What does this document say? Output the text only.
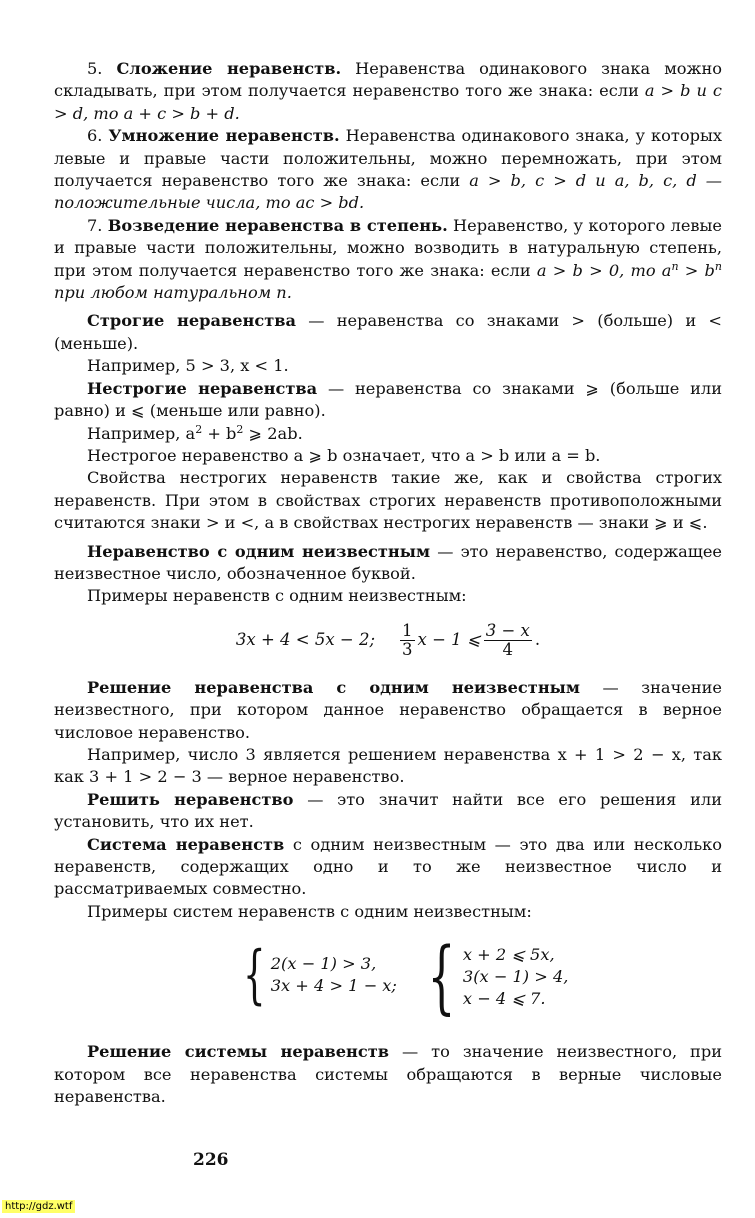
5. Сложение неравенств. Неравенства одинакового знака можно складывать, при этом получается неравенство того же знака: если a > b и c > d, то a + c > b + d.

6. Умножение неравенств. Неравенства одинакового знака, у которых левые и правые части положительны, можно перемножать, при этом получается неравенство того же знака: если a > b, c > d и a, b, c, d — положительные числа, то ac > bd.

7. Возведение неравенства в степень. Неравенство, у которого левые и правые части положительны, можно возводить в натуральную степень, при этом получается неравенство того же знака: если a > b > 0, то $a^n > b^n$ при любом натуральном n.

Строгие неравенства — неравенства со знаками > (больше) и < (меньше).

Например, 5 > 3, x < 1.

Нестрогие неравенства — неравенства со знаками ⩾ (больше или равно) и ⩽ (меньше или равно).

Например, $a^2 + b^2$ ⩾ 2ab.

Нестрогое неравенство a ⩾ b означает, что a > b или a = b.

Свойства нестрогих неравенств такие же, как и свойства строгих неравенств. При этом в свойствах строгих неравенств противоположными считаются знаки > и <, а в свойствах нестрогих неравенств — знаки ⩾ и ⩽.

Неравенство с одним неизвестным — это неравенство, содержащее неизвестное число, обозначенное буквой.

Примеры неравенств с одним неизвестным:

3x + 4 < 5x − 2; $\frac{1}{3}$ x − 1 ⩽ $\frac{3 - x}{4}$ .

Решение неравенства с одним неизвестным — значение неизвестного, при котором данное неравенство обращается в верное числовое неравенство.

Например, число 3 является решением неравенства x + 1 > 2 − x, так как 3 + 1 > 2 − 3 — верное неравенство.

Решить неравенство — это значит найти все его решения или установить, что их нет.

Система неравенств с одним неизвестным — это два или несколько неравенств, содержащих одно и то же неизвестное число и рассматриваемых совместно.

Примеры систем неравенств с одним неизвестным:

{ 2(x − 1) > 3,
3x + 4 > 1 − x; { x + 2 ⩽ 5x,
3(x − 1) > 4,
x − 4 ⩽ 7.

Решение системы неравенств — то значение неизвестного, при котором все неравенства системы обращаются в верные числовые неравенства.

226
http://gdz.wtf
